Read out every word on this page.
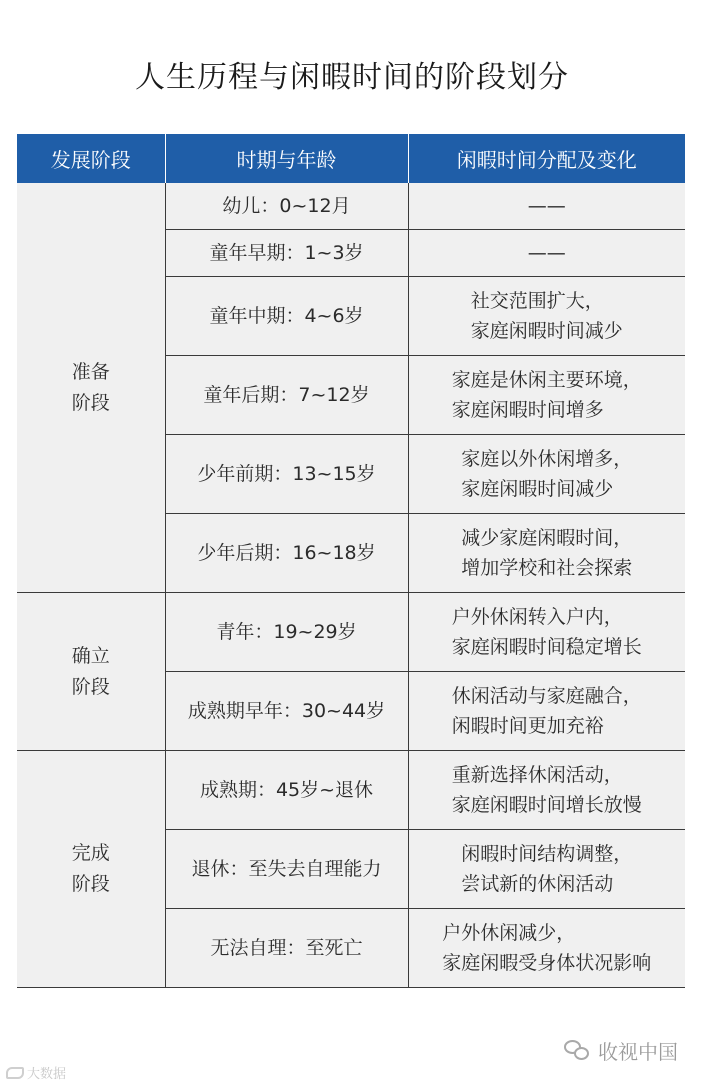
人生历程与闲暇时间的阶段划分
发展阶段	时期与年龄	闲暇时间分配及变化
准备
阶段	幼儿：0~12月	——
	童年早期：1~3岁	——
	童年中期：4~6岁	社交范围扩大，
家庭闲暇时间减少
	童年后期：7~12岁	家庭是休闲主要环境，
家庭闲暇时间增多
	少年前期：13~15岁	家庭以外休闲增多，
家庭闲暇时间减少
	少年后期：16~18岁	减少家庭闲暇时间，
增加学校和社会探索
确立
阶段	青年：19~29岁	户外休闲转入户内，
家庭闲暇时间稳定增长
	成熟期早年：30~44岁	休闲活动与家庭融合，
闲暇时间更加充裕
完成
阶段	成熟期：45岁~退休	重新选择休闲活动，
家庭闲暇时间增长放慢
	退休：至失去自理能力	闲暇时间结构调整，
尝试新的休闲活动
	无法自理：至死亡	户外休闲减少，
家庭闲暇受身体状况影响
收视中国
大数据
